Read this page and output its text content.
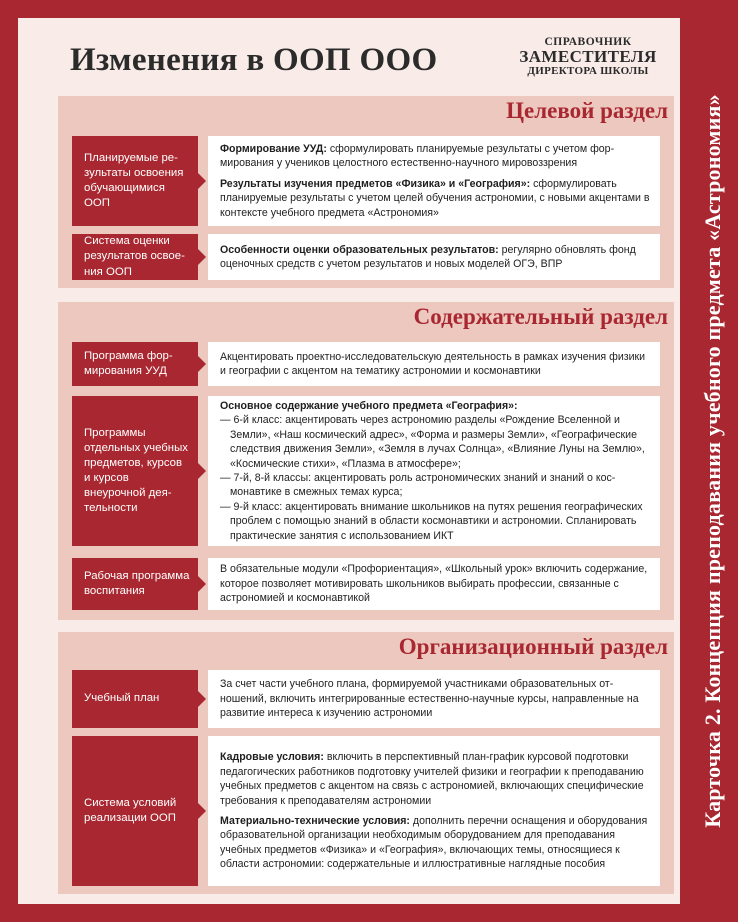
Карточка 2. Концепция преподавания учебного предмета «Астрономия»
Изменения в ООП ООО	СПРАВОЧНИК
ЗАМЕСТИТЕЛЯ
ДИРЕКТОРА ШКОЛЫ
Целевой раздел
Планируемые результаты освоения обучающимися ООП

Формирование УУД: сформулировать планируемые результаты с учетом формирования у учеников целостного естественно-научного мировоззрения

Результаты изучения предметов «Физика» и «География»: сформулировать планируемые результаты с учетом целей обучения астрономии, с новыми акцентами в контексте учебного предмета «Астрономия»

Система оценки результатов освоения ООП

Особенности оценки образовательных результатов: регулярно обновлять фонд оценочных средств с учетом результатов и новых моделей ОГЭ, ВПР

Содержательный раздел
Программа формирования УУД

Акцентировать проектно-исследовательскую деятельность в рамках изучения физики и географии с акцентом на тематику астрономии и космонавтики

Программы отдельных учебных предметов, курсов и курсов внеурочной деятельности

Основное содержание учебного предмета «География»:

— 6-й класс: акцентировать через астрономию разделы «Рождение Вселенной и Земли», «Наш космический адрес», «Форма и размеры Земли», «Географические следствия движения Земли», «Земля в лучах Солнца», «Влияние Луны на Землю», «Космические стихи», «Плазма в атмосфере»;
— 7-й, 8-й классы: акцентировать роль астрономических знаний и знаний о космонавтике в смежных темах курса;
— 9-й класс: акцентировать внимание школьников на путях решения географических проблем с помощью знаний в области космонавтики и астрономии. Спланировать практические занятия с использованием ИКТ
Рабочая программа воспитания

В обязательные модули «Профориентация», «Школьный урок» включить содержание, которое позволяет мотивировать школьников выбирать профессии, связанные с астрономией и космонавтикой

Организационный раздел
Учебный план

За счет части учебного плана, формируемой участниками образовательных отношений, включить интегрированные естественно-научные курсы, направленные на развитие интереса к изучению астрономии

Система условий реализации ООП

Кадровые условия: включить в перспективный план-график курсовой подготовки педагогических работников подготовку учителей физики и географии к преподаванию учебных предметов с акцентом на связь с астрономией, включающих специфические требования к преподавателям астрономии

Материально-технические условия: дополнить перечни оснащения и оборудования образовательной организации необходимым оборудованием для преподавания учебных предметов «Физика» и «География», включающих темы, относящиеся к области астрономии: содержательные и иллюстративные наглядные пособия
